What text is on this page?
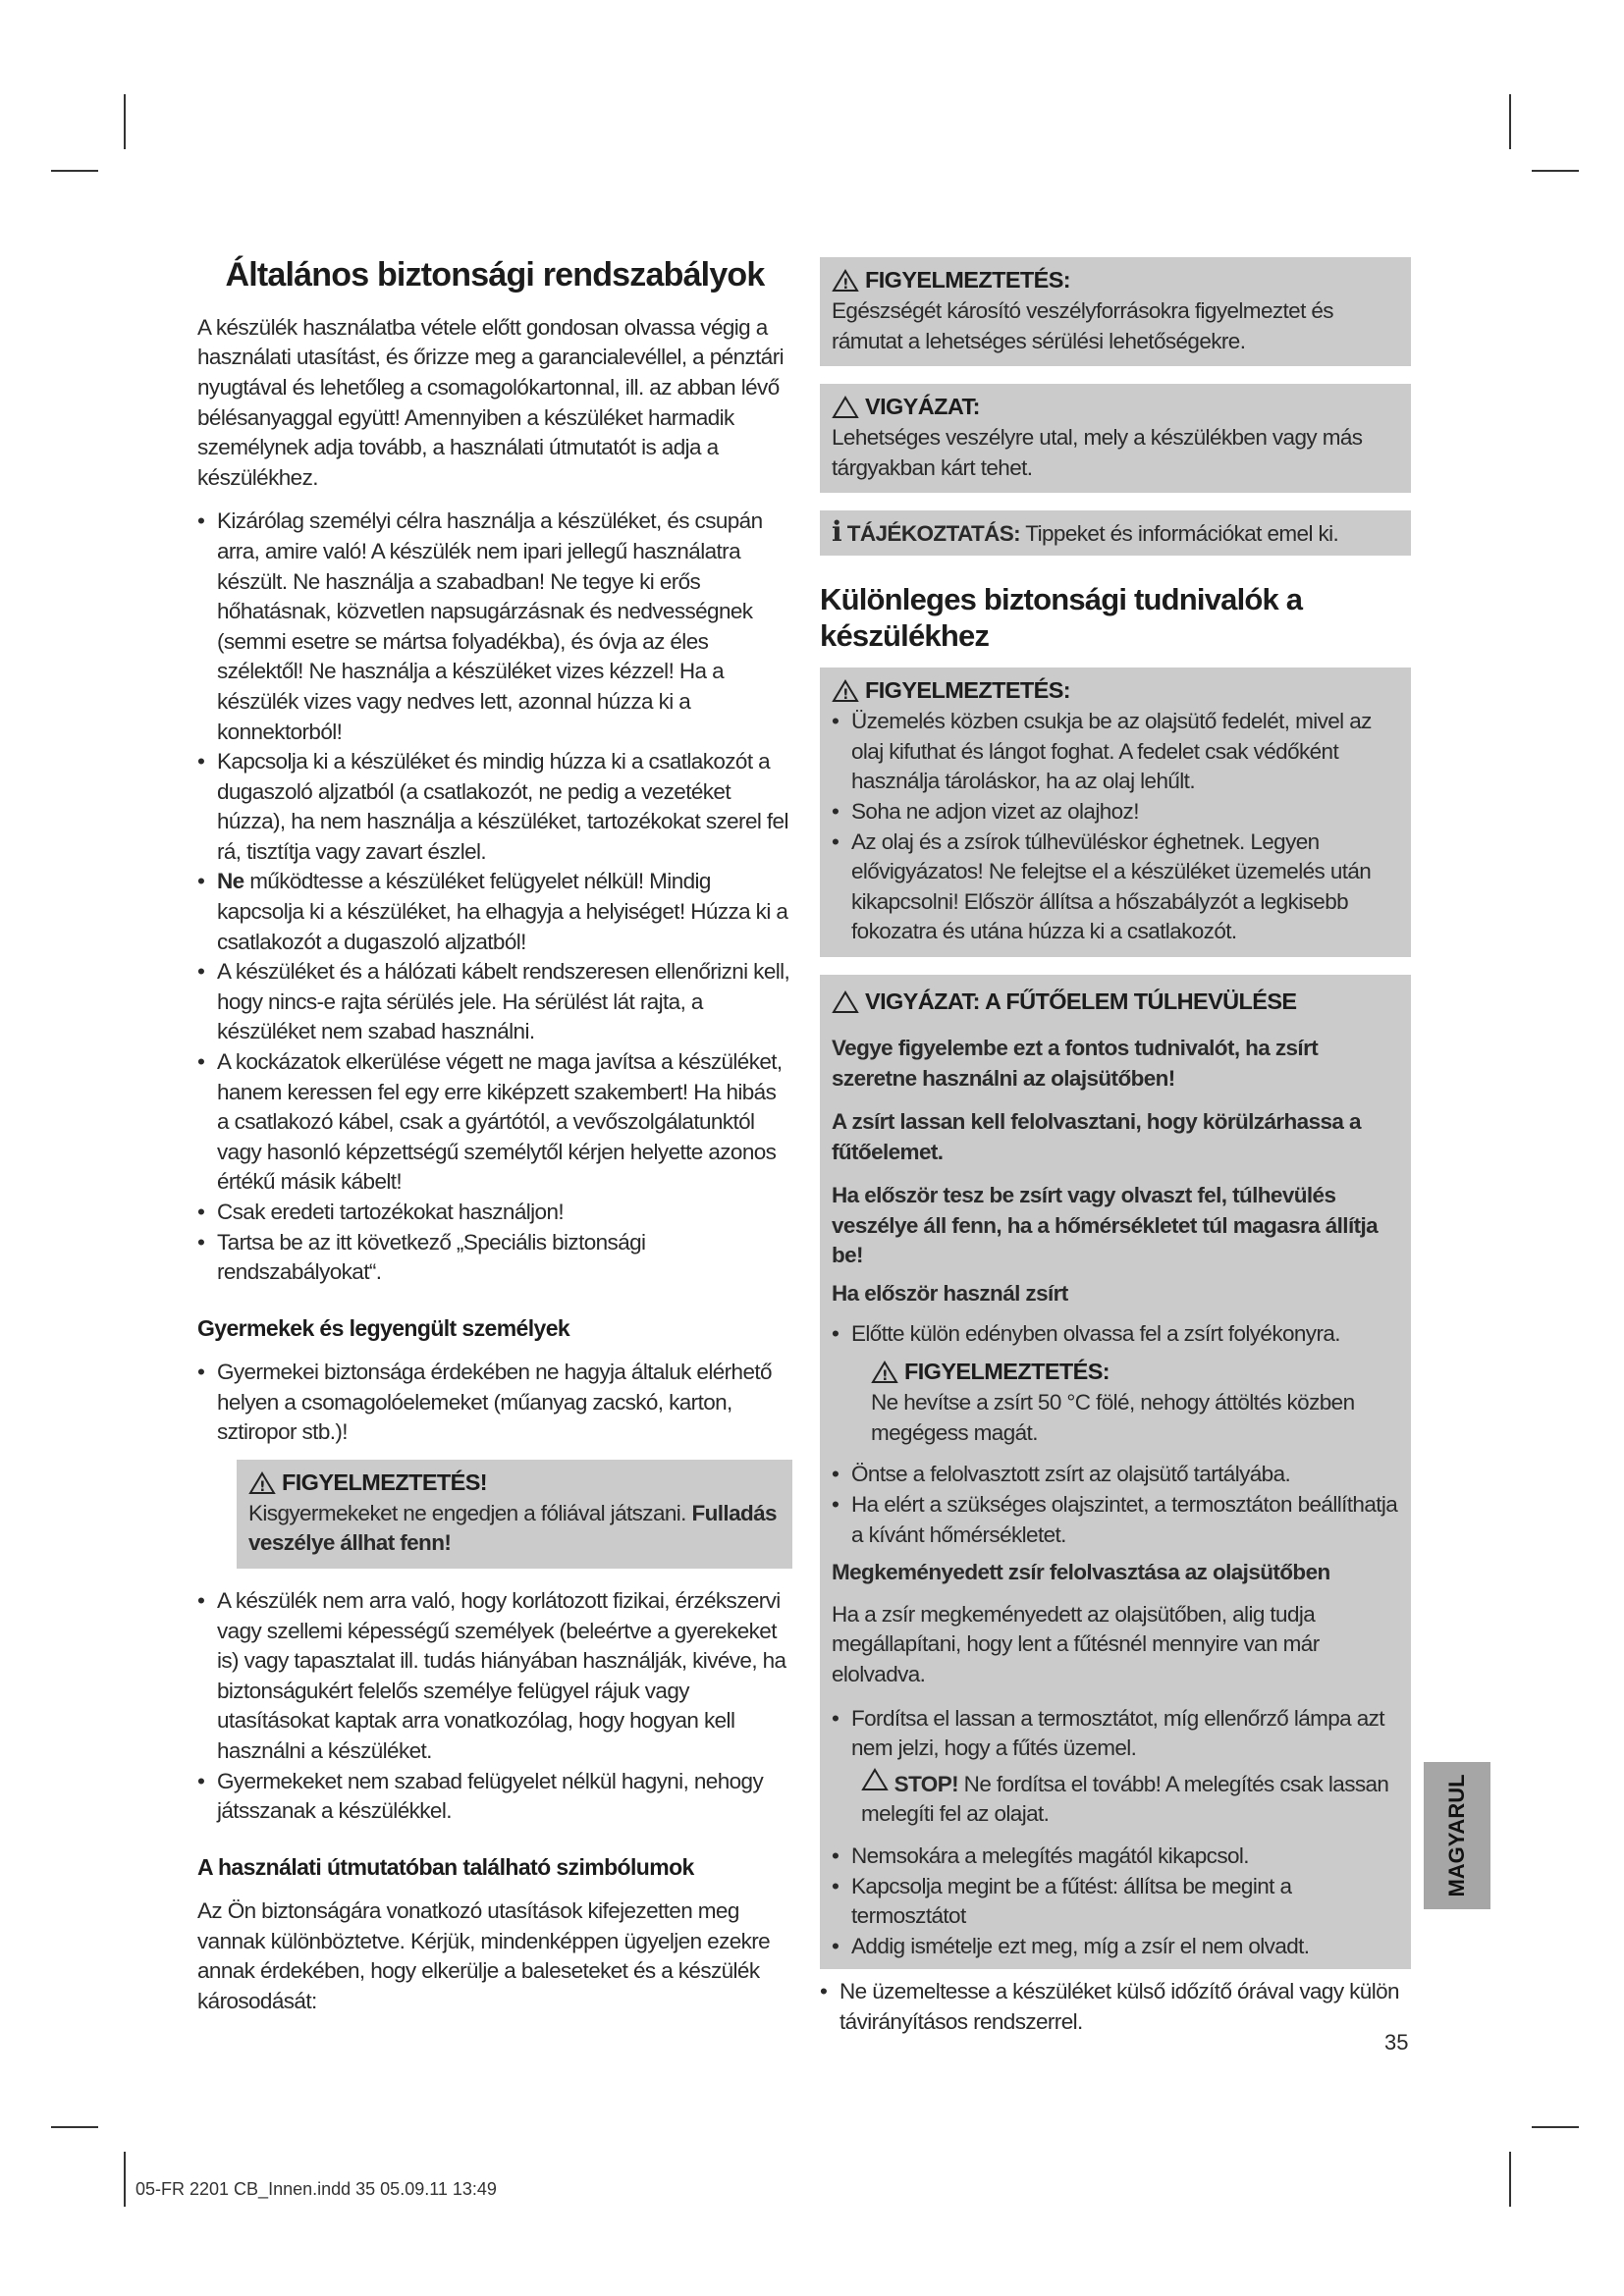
Általános biztonsági rendszabályok

A készülék használatba vétele előtt gondosan olvassa végig a használati utasítást, és őrizze meg a garancialevéllel, a pénztári nyugtával és lehetőleg a csomagolókartonnal, ill. az abban lévő bélésanyaggal együtt! Amennyiben a készüléket harmadik személynek adja tovább, a használati útmutatót is adja a készülékhez.

• Kizárólag személyi célra használja a készüléket, és csupán arra, amire való! A készülék nem ipari jellegű használatra készült. Ne használja a szabadban! Ne tegye ki erős hőhatásnak, közvetlen napsugárzásnak és nedvességnek (semmi esetre se mártsa folyadékba), és óvja az éles szélektől! Ne használja a készüléket vizes kézzel! Ha a készülék vizes vagy nedves lett, azonnal húzza ki a konnektorból!
• Kapcsolja ki a készüléket és mindig húzza ki a csatlakozót a dugaszoló aljzatból (a csatlakozót, ne pedig a vezetéket húzza), ha nem használja a készüléket, tartozékokat szerel fel rá, tisztítja vagy zavart észlel.
• Ne működtesse a készüléket felügyelet nélkül! Mindig kapcsolja ki a készüléket, ha elhagyja a helyiséget! Húzza ki a csatlakozót a dugaszoló aljzatból!
• A készüléket és a hálózati kábelt rendszeresen ellenőrizni kell, hogy nincs-e rajta sérülés jele. Ha sérülést lát rajta, a készüléket nem szabad használni.
• A kockázatok elkerülése végett ne maga javítsa a készüléket, hanem keressen fel egy erre kiképzett szakembert! Ha hibás a csatlakozó kábel, csak a gyártótól, a vevőszolgálatunktól vagy hasonló képzettségű személytől kérjen helyette azonos értékű másik kábelt!
• Csak eredeti tartozékokat használjon!
• Tartsa be az itt következő „Speciális biztonsági rendszabályokat“.
Gyermekek és legyengült személyek
• Gyermekei biztonsága érdekében ne hagyja általuk elérhető helyen a csomagolóelemeket (műanyag zacskó, karton, sztiropor stb.)!
! FIGYELMEZTETÉS!
Kisgyermekeket ne engedjen a fóliával játszani. Fulladás veszélye állhat fenn!
• A készülék nem arra való, hogy korlátozott fizikai, érzékszervi vagy szellemi képességű személyek (beleértve a gyerekeket is) vagy tapasztalat ill. tudás hiányában használják, kivéve, ha biztonságukért felelős személye felügyel rájuk vagy utasításokat kaptak arra vonatkozólag, hogy hogyan kell használni a készüléket.
• Gyermekeket nem szabad felügyelet nélkül hagyni, nehogy játsszanak a készülékkel.
A használati útmutatóban található szimbólumok

Az Ön biztonságára vonatkozó utasítások kifejezetten meg vannak különböztetve. Kérjük, mindenképpen ügyeljen ezekre annak érdekében, hogy elkerülje a baleseteket és a készülék károsodását:

! FIGYELMEZTETÉS:
Egészségét károsító veszélyforrásokra figyelmeztet és rámutat a lehetséges sérülési lehetőségekre.
VIGYÁZAT:
Lehetséges veszélyre utal, mely a készülékben vagy más tárgyakban kárt tehet.
i TÁJÉKOZTATÁS: Tippeket és információkat emel ki.
Különleges biztonsági tudnivalók a készülékhez
! FIGYELMEZTETÉS:
• Üzemelés közben csukja be az olajsütő fedelét, mivel az olaj kifuthat és lángot foghat. A fedelet csak védőként használja tároláskor, ha az olaj lehűlt.
• Soha ne adjon vizet az olajhoz!
• Az olaj és a zsírok túlhevüléskor éghetnek. Legyen elővigyázatos! Ne felejtse el a készüléket üzemelés után kikapcsolni! Először állítsa a hőszabályzót a legkisebb fokozatra és utána húzza ki a csatlakozót.
VIGYÁZAT: A FŰTŐELEM TÚLHEVÜLÉSE

Vegye figyelembe ezt a fontos tudnivalót, ha zsírt szeretne használni az olajsütőben!

A zsírt lassan kell felolvasztani, hogy körülzárhassa a fűtőelemet.

Ha először tesz be zsírt vagy olvaszt fel, túlhevülés veszélye áll fenn, ha a hőmérsékletet túl magasra állítja be!

Ha először használ zsírt
• Előtte külön edényben olvassa fel a zsírt folyékonyra.
! FIGYELMEZTETÉS:
Ne hevítse a zsírt 50 °C fölé, nehogy áttöltés közben megégess magát.
• Öntse a felolvasztott zsírt az olajsütő tartályába.
• Ha elért a szükséges olajszintet, a termosztáton beállíthatja a kívánt hőmérsékletet.
Megkeményedett zsír felolvasztása az olajsütőben

Ha a zsír megkeményedett az olajsütőben, alig tudja megállapítani, hogy lent a fűtésnél mennyire van már elolvadva.

• Fordítsa el lassan a termosztátot, míg ellenőrző lámpa azt nem jelzi, hogy a fűtés üzemel.
STOP! Ne fordítsa el tovább! A melegítés csak lassan melegíti fel az olajat.
• Nemsokára a melegítés magától kikapcsol.
• Kapcsolja megint be a fűtést: állítsa be megint a termosztátot
• Addig ismételje ezt meg, míg a zsír el nem olvadt.
• Ne üzemeltesse a készüléket külső időzítő órával vagy külön távirányításos rendszerrel.
MAGYARUL
35
05-FR 2201 CB_Innen.indd 35 05.09.11 13:49
